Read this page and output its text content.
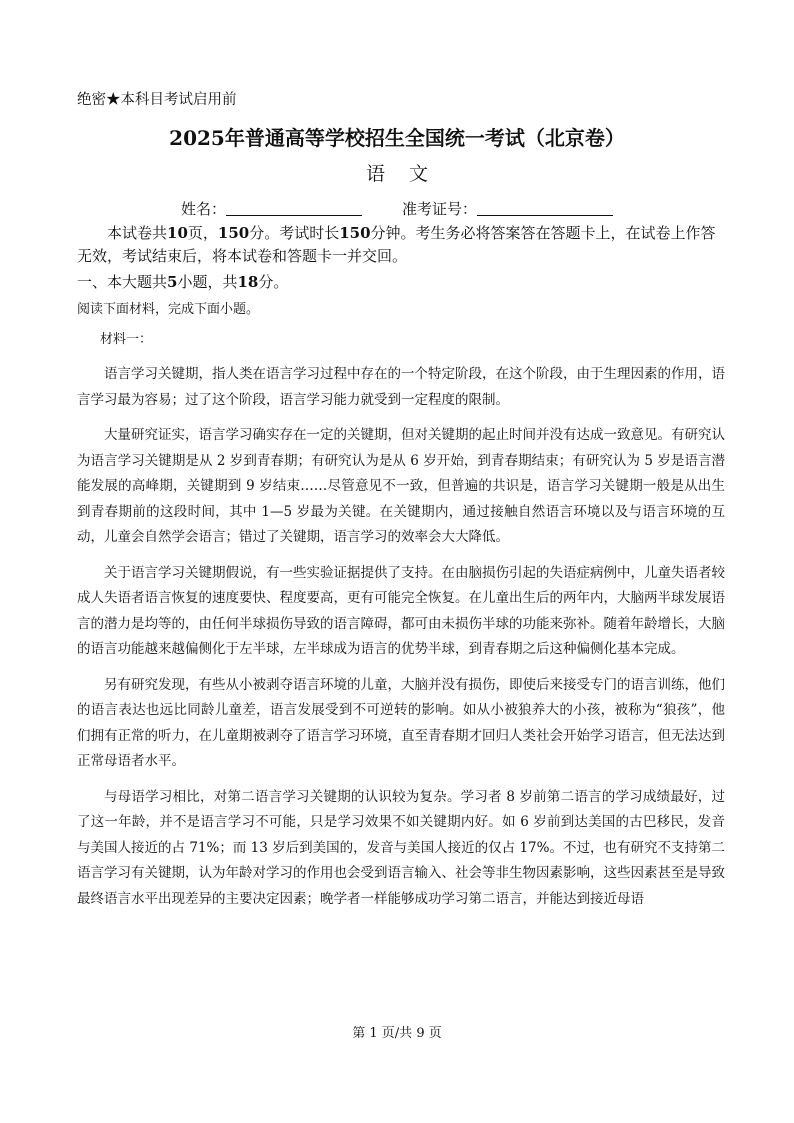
绝密★本科目考试启用前
2025年普通高等学校招生全国统一考试（北京卷）
语文
姓名：	准考证号：
本试卷共10页，150分。考试时长150分钟。考生务必将答案答在答题卡上，在试卷上作答无效，考试结束后，将本试卷和答题卡一并交回。
一、本大题共5小题，共18分。
阅读下面材料，完成下面小题。
材料一：

语言学习关键期，指人类在语言学习过程中存在的一个特定阶段，在这个阶段，由于生理因素的作用，语言学习最为容易；过了这个阶段，语言学习能力就受到一定程度的限制。

大量研究证实，语言学习确实存在一定的关键期，但对关键期的起止时间并没有达成一致意见。有研究认为语言学习关键期是从 2 岁到青春期；有研究认为是从 6 岁开始，到青春期结束；有研究认为 5 岁是语言潜能发展的高峰期，关键期到 9 岁结束……尽管意见不一致，但普遍的共识是，语言学习关键期一般是从出生到青春期前的这段时间，其中 1—5 岁最为关键。在关键期内，通过接触自然语言环境以及与语言环境的互动，儿童会自然学会语言；错过了关键期，语言学习的效率会大大降低。

关于语言学习关键期假说，有一些实验证据提供了支持。在由脑损伤引起的失语症病例中，儿童失语者较成人失语者语言恢复的速度要快、程度要高，更有可能完全恢复。在儿童出生后的两年内，大脑两半球发展语言的潜力是均等的，由任何半球损伤导致的语言障碍，都可由未损伤半球的功能来弥补。随着年龄增长，大脑的语言功能越来越偏侧化于左半球，左半球成为语言的优势半球，到青春期之后这种偏侧化基本完成。

另有研究发现，有些从小被剥夺语言环境的儿童，大脑并没有损伤，即使后来接受专门的语言训练，他们的语言表达也远比同龄儿童差，语言发展受到不可逆转的影响。如从小被狼养大的小孩，被称为“狼孩”，他们拥有正常的听力，在儿童期被剥夺了语言学习环境，直至青春期才回归人类社会开始学习语言，但无法达到正常母语者水平。

与母语学习相比，对第二语言学习关键期的认识较为复杂。学习者 8 岁前第二语言的学习成绩最好，过了这一年龄，并不是语言学习不可能，只是学习效果不如关键期内好。如 6 岁前到达美国的古巴移民，发音与美国人接近的占 71%；而 13 岁后到美国的，发音与美国人接近的仅占 17%。不过，也有研究不支持第二语言学习有关键期，认为年龄对学习的作用也会受到语言输入、社会等非生物因素影响，这些因素甚至是导致最终语言水平出现差异的主要决定因素；晚学者一样能够成功学习第二语言，并能达到接近母语

第 1 页/共 9 页
